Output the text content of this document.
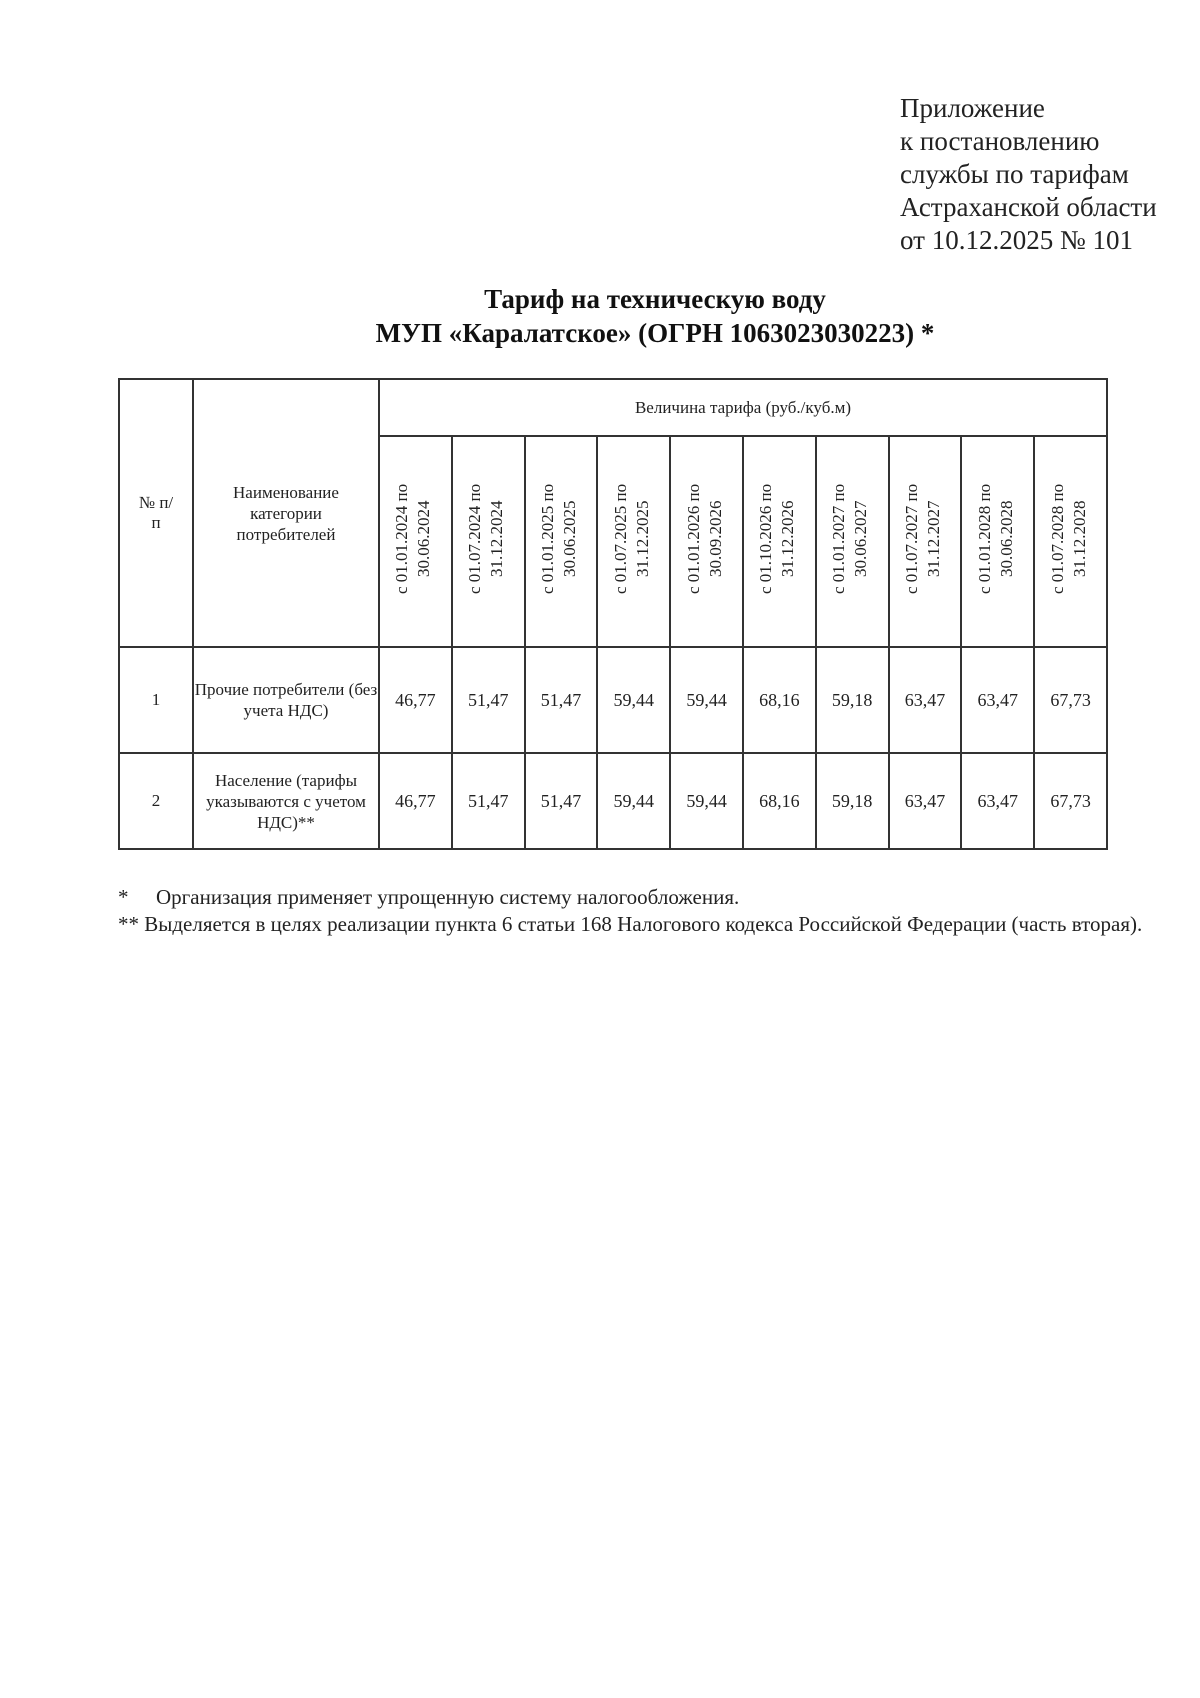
Приложение
к постановлению
службы по тарифам
Астраханской области
от 10.12.2025 № 101
Тариф на техническую воду
МУП «Каралатское» (ОГРН 1063023030223) *
№ п/п	Наименование категории потребителей	Величина тарифа (руб./куб.м)									
		с 01.01.2024 по 30.06.2024	с 01.07.2024 по 31.12.2024	с 01.01.2025 по 30.06.2025	с 01.07.2025 по 31.12.2025	с 01.01.2026 по 30.09.2026	с 01.10.2026 по 31.12.2026	с 01.01.2027 по 30.06.2027	с 01.07.2027 по 31.12.2027	с 01.01.2028 по 30.06.2028	с 01.07.2028 по 31.12.2028
1	Прочие потребители (без учета НДС)	46,77	51,47	51,47	59,44	59,44	68,16	59,18	63,47	63,47	67,73
2	Население (тарифы указываются с учетом НДС)**	46,77	51,47	51,47	59,44	59,44	68,16	59,18	63,47	63,47	67,73
* Организация применяет упрощенную систему налогообложения.
** Выделяется в целях реализации пункта 6 статьи 168 Налогового кодекса Российской Федерации (часть вторая).
